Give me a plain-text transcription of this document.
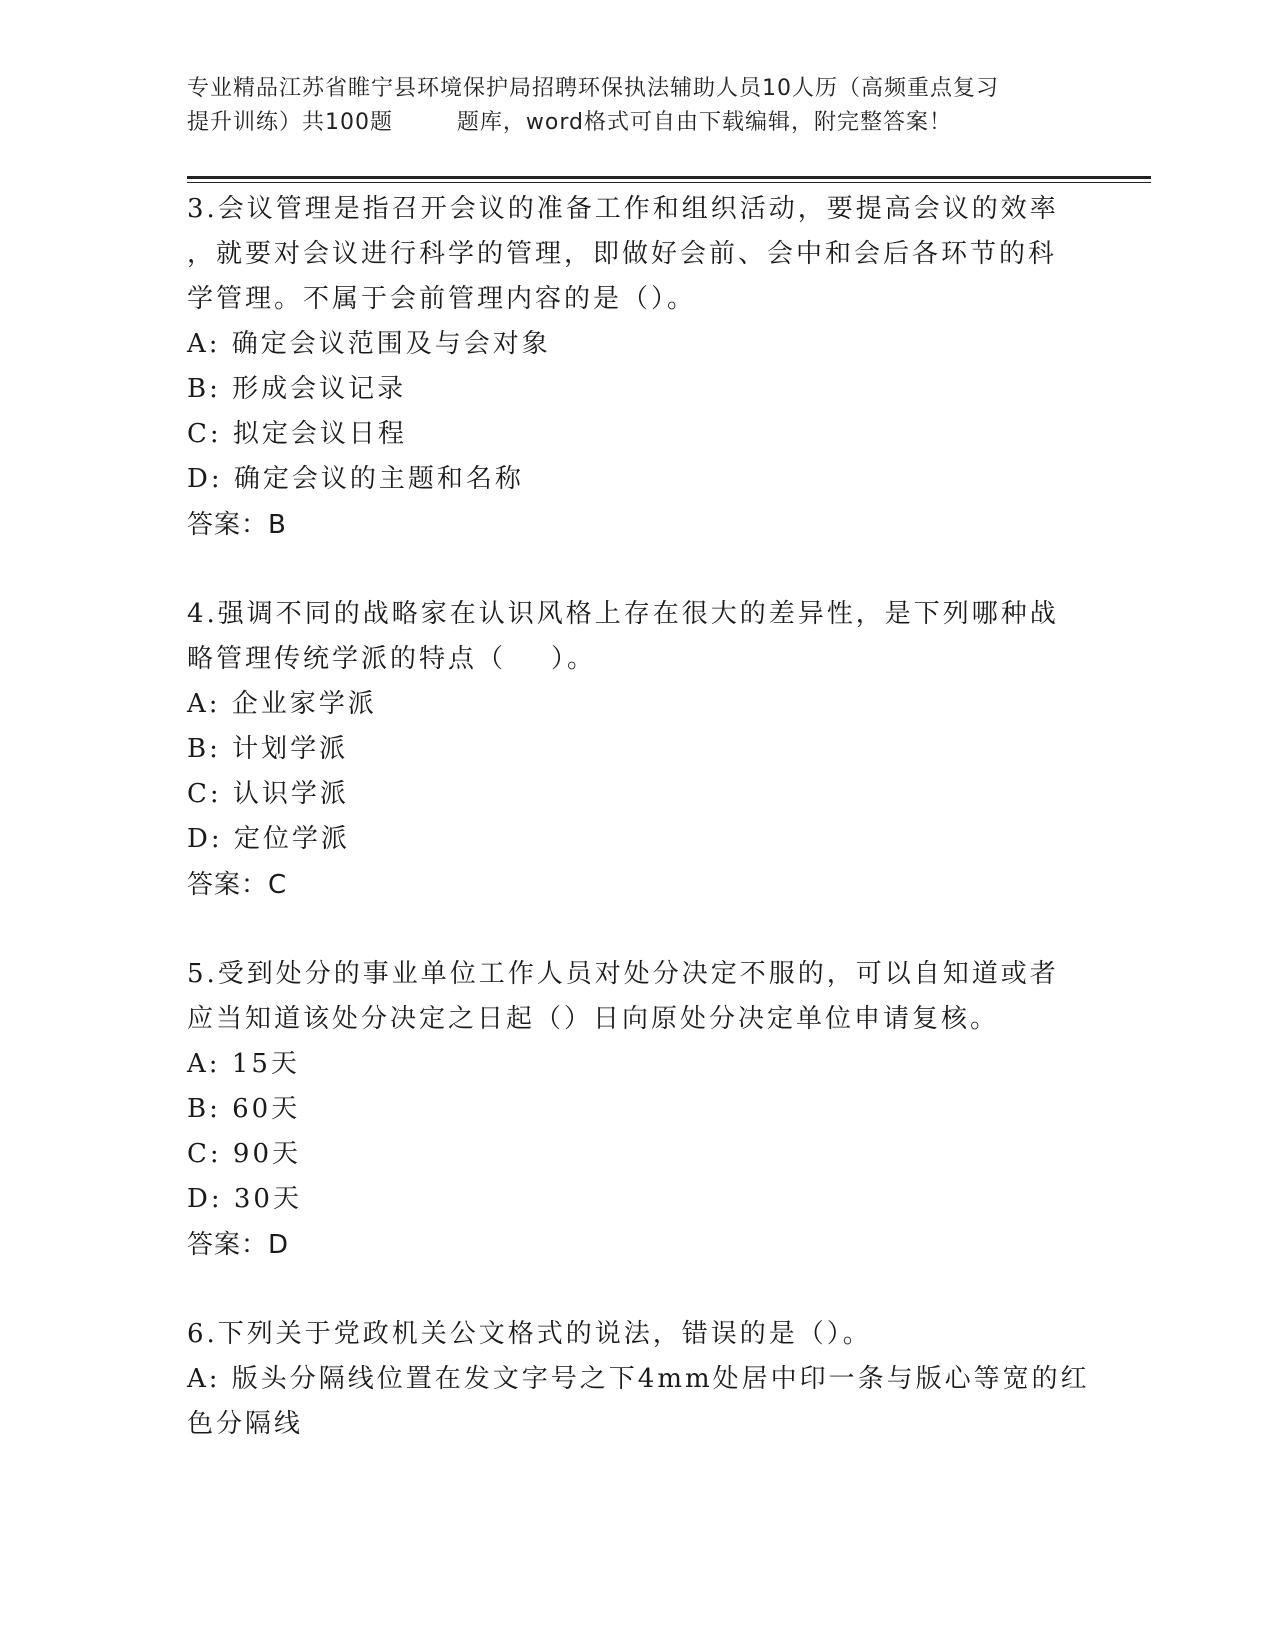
专业精品江苏省睢宁县环境保护局招聘环保执法辅助人员10人历（高频重点复习
提升训练）共100题        题库，word格式可自由下载编辑，附完整答案！
3.会议管理是指召开会议的准备工作和组织活动，要提高会议的效率
，就要对会议进行科学的管理，即做好会前、会中和会后各环节的科
学管理。不属于会前管理内容的是（）。
A: 确定会议范围及与会对象
B: 形成会议记录
C: 拟定会议日程
D: 确定会议的主题和名称
答案：B
4.强调不同的战略家在认识风格上存在很大的差异性，是下列哪种战
略管理传统学派的特点（    ）。
A: 企业家学派
B: 计划学派
C: 认识学派
D: 定位学派
答案：C
5.受到处分的事业单位工作人员对处分决定不服的，可以自知道或者
应当知道该处分决定之日起（）日向原处分决定单位申请复核。
A: 15天
B: 60天
C: 90天
D: 30天
答案：D
6.下列关于党政机关公文格式的说法，错误的是（）。
A: 版头分隔线位置在发文字号之下4mm处居中印一条与版心等宽的红
色分隔线
